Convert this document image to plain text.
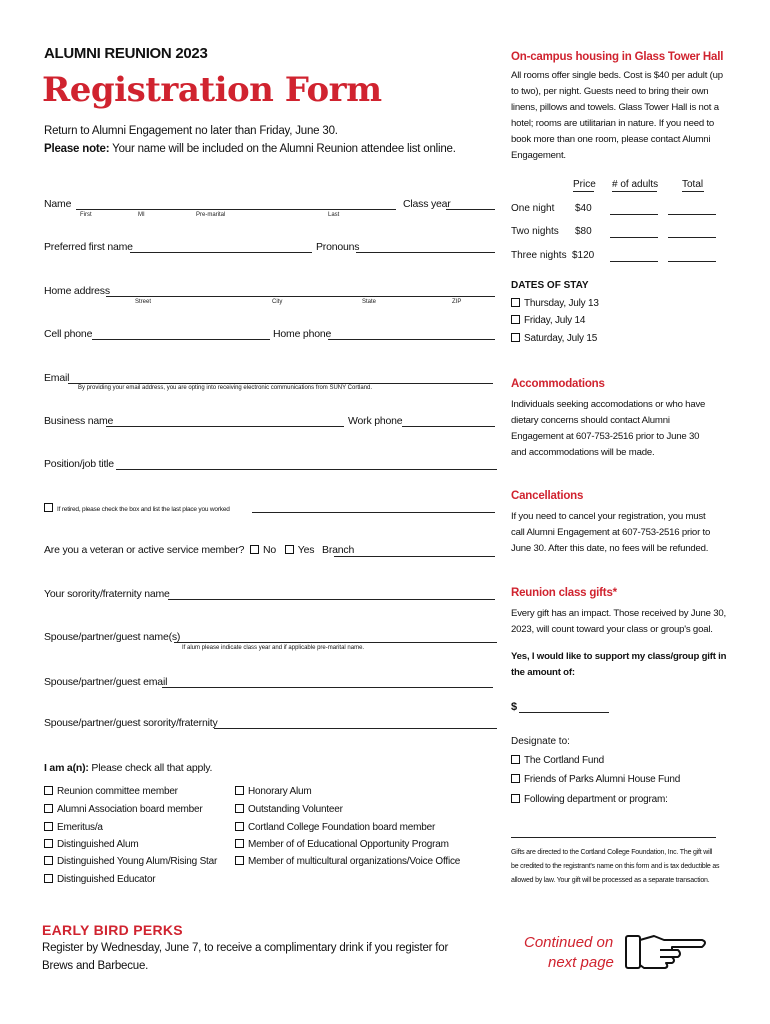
ALUMNI REUNION 2023
Registration Form
Return to Alumni Engagement no later than Friday, June 30.
Please note: Your name will be included on the Alumni Reunion attendee list online.
Name
First	MI	Pre-marital	Last
Class year
Preferred first name	Pronouns
Home address
Street	City	State	ZIP
Cell phone	Home phone
Email
By providing your email address, you are opting into receiving electronic communications from SUNY Cortland.
Business name	Work phone
Position/job title
If retired, please check the box and list the last place you worked
Are you a veteran or active service member? No Yes Branch
Your sorority/fraternity name
Spouse/partner/guest name(s)
If alum please indicate class year and if applicable pre-marital name.
Spouse/partner/guest email
Spouse/partner/guest sorority/fraternity
I am a(n): Please check all that apply.
Reunion committee member
Alumni Association board member
Emeritus/a
Distinguished Alum
Distinguished Young Alum/Rising Star
Distinguished Educator
Honorary Alum
Outstanding Volunteer
Cortland College Foundation board member
Member of of Educational Opportunity Program
Member of multicultural organizations/Voice Office
EARLY BIRD PERKS
Register by Wednesday, June 7, to receive a complimentary drink if you register for
Brews and Barbecue.
Continued on
next page
On-campus housing in Glass Tower Hall
All rooms offer single beds. Cost is $40 per adult (up to two), per night. Guests need to bring their own linens, pillows and towels. Glass Tower Hall is not a hotel; rooms are utilitarian in nature. If you need to book more than one room, please contact Alumni Engagement.
Price # of adults Total
One night $40
Two nights $80
Three nights $120
DATES OF STAY
Thursday, July 13
Friday, July 14
Saturday, July 15
Accommodations
Individuals seeking accomodations or who have dietary concerns should contact Alumni Engagement at 607-753-2516 prior to June 30 and accommodations will be made.
Cancellations
If you need to cancel your registration, you must call Alumni Engagement at 607-753-2516 prior to June 30. After this date, no fees will be refunded.
Reunion class gifts*
Every gift has an impact. Those received by June 30, 2023, will count toward your class or group's goal.
Yes, I would like to support my class/group gift in the amount of:
$
Designate to:
The Cortland Fund
Friends of Parks Alumni House Fund
Following department or program:
Gifts are directed to the Cortland College Foundation, Inc. The gift will be credited to the registrant's name on this form and is tax deductible as allowed by law. Your gift will be processed as a separate transaction.
